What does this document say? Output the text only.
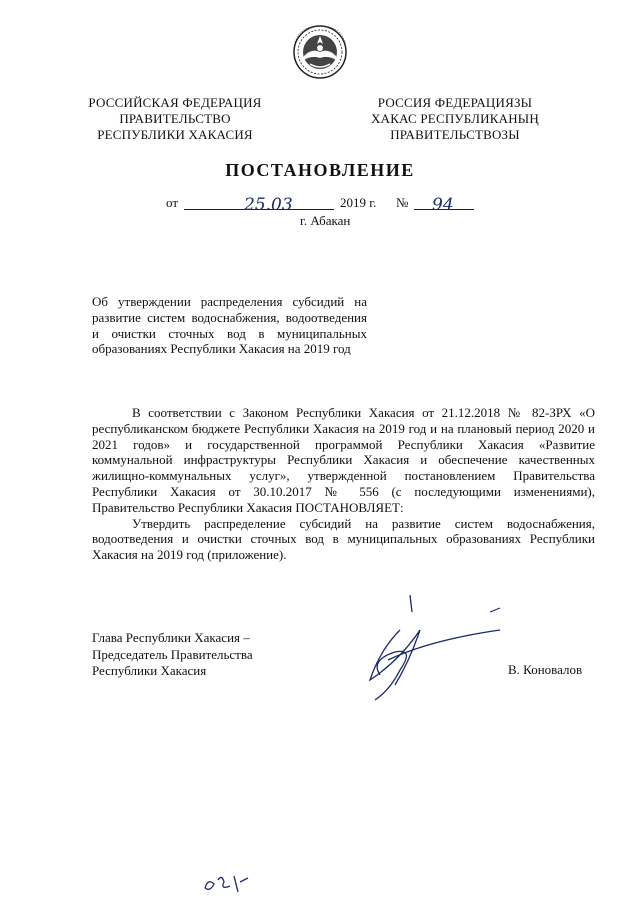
РОССИЙСКАЯ ФЕДЕРАЦИЯ
ПРАВИТЕЛЬСТВО
РЕСПУБЛИКИ ХАКАСИЯ
РОССИЯ ФЕДЕРАЦИЯЗЫ
ХАКАС РЕСПУБЛИКАНЫҢ
ПРАВИТЕЛЬСТВОЗЫ
ПОСТАНОВЛЕНИЕ
от	25.03	2019 г. № 94
г. Абакан
Об утверждении распределения субсидий на развитие систем водоснабжения, водоотведения и очистки сточных вод в муниципальных образованиях Республики Хакасия на 2019 год

В соответствии с Законом Республики Хакасия от 21.12.2018 № 82-ЗРХ «О республиканском бюджете Республики Хакасия на 2019 год и на плановый период 2020 и 2021 годов» и государственной программой Республики Хакасия «Развитие коммунальной инфраструктуры Республики Хакасия и обеспечение качественных жилищно-коммунальных услуг», утвержденной постановлением Правительства Республики Хакасия от 30.10.2017 № 556 (с последующими изменениями), Правительство Республики Хакасия ПОСТАНОВЛЯЕТ:

Утвердить распределение субсидий на развитие систем водоснабжения, водоотведения и очистки сточных вод в муниципальных образованиях Республики Хакасия на 2019 год (приложение).

Глава Республики Хакасия –
Председатель Правительства
Республики Хакасия	В. Коновалов
